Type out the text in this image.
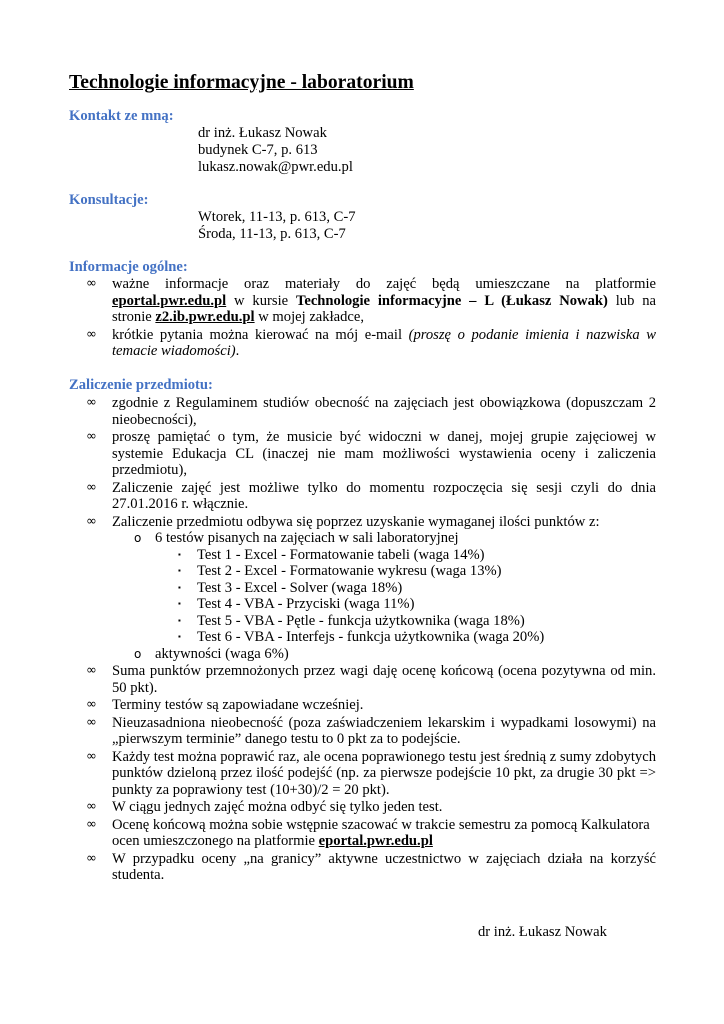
Technologie informacyjne - laboratorium
Kontakt ze mną:
dr inż. Łukasz Nowak
budynek C-7, p. 613
lukasz.nowak@pwr.edu.pl
Konsultacje:
Wtorek, 11-13, p. 613, C-7
Środa, 11-13, p. 613, C-7
Informacje ogólne:
∞ ważne informacje oraz materiały do zajęć będą umieszczane na platformie
eportal.pwr.edu.pl w kursie Technologie informacyjne – L (Łukasz Nowak) lub na stronie z2.ib.pwr.edu.pl w mojej zakładce,
∞ krótkie pytania można kierować na mój e-mail (proszę o podanie imienia i nazwiska w temacie wiadomości).
Zaliczenie przedmiotu:
∞ zgodnie z Regulaminem studiów obecność na zajęciach jest obowiązkowa (dopuszczam 2 nieobecności),
∞ proszę pamiętać o tym, że musicie być widoczni w danej, mojej grupie zajęciowej w systemie Edukacja CL (inaczej nie mam możliwości wystawienia oceny i zaliczenia przedmiotu),
∞ Zaliczenie zajęć jest możliwe tylko do momentu rozpoczęcia się sesji czyli do dnia 27.01.2016 r. włącznie.
∞ Zaliczenie przedmiotu odbywa się poprzez uzyskanie wymaganej ilości punktów z:
o 6 testów pisanych na zajęciach w sali laboratoryjnej
▪ Test 1 - Excel - Formatowanie tabeli (waga 14%)
▪ Test 2 - Excel - Formatowanie wykresu (waga 13%)
▪ Test 3 - Excel - Solver (waga 18%)
▪ Test 4 - VBA - Przyciski (waga 11%)
▪ Test 5 - VBA - Pętle - funkcja użytkownika (waga 18%)
▪ Test 6 - VBA - Interfejs - funkcja użytkownika (waga 20%)
o aktywności (waga 6%)
∞ Suma punktów przemnożonych przez wagi daję ocenę końcową (ocena pozytywna od min. 50 pkt).
∞ Terminy testów są zapowiadane wcześniej.
∞ Nieuzasadniona nieobecność (poza zaświadczeniem lekarskim i wypadkami losowymi) na „pierwszym terminie” danego testu to 0 pkt za to podejście.
∞ Każdy test można poprawić raz, ale ocena poprawionego testu jest średnią z sumy zdobytych punktów dzieloną przez ilość podejść (np. za pierwsze podejście 10 pkt, za drugie 30 pkt => punkty za poprawiony test (10+30)/2 = 20 pkt).
∞ W ciągu jednych zajęć można odbyć się tylko jeden test.
∞ Ocenę końcową można sobie wstępnie szacować w trakcie semestru za pomocą Kalkulatora
ocen umieszczonego na platformie eportal.pwr.edu.pl
∞ W przypadku oceny „na granicy” aktywne uczestnictwo w zajęciach działa na korzyść studenta.
dr inż. Łukasz Nowak
